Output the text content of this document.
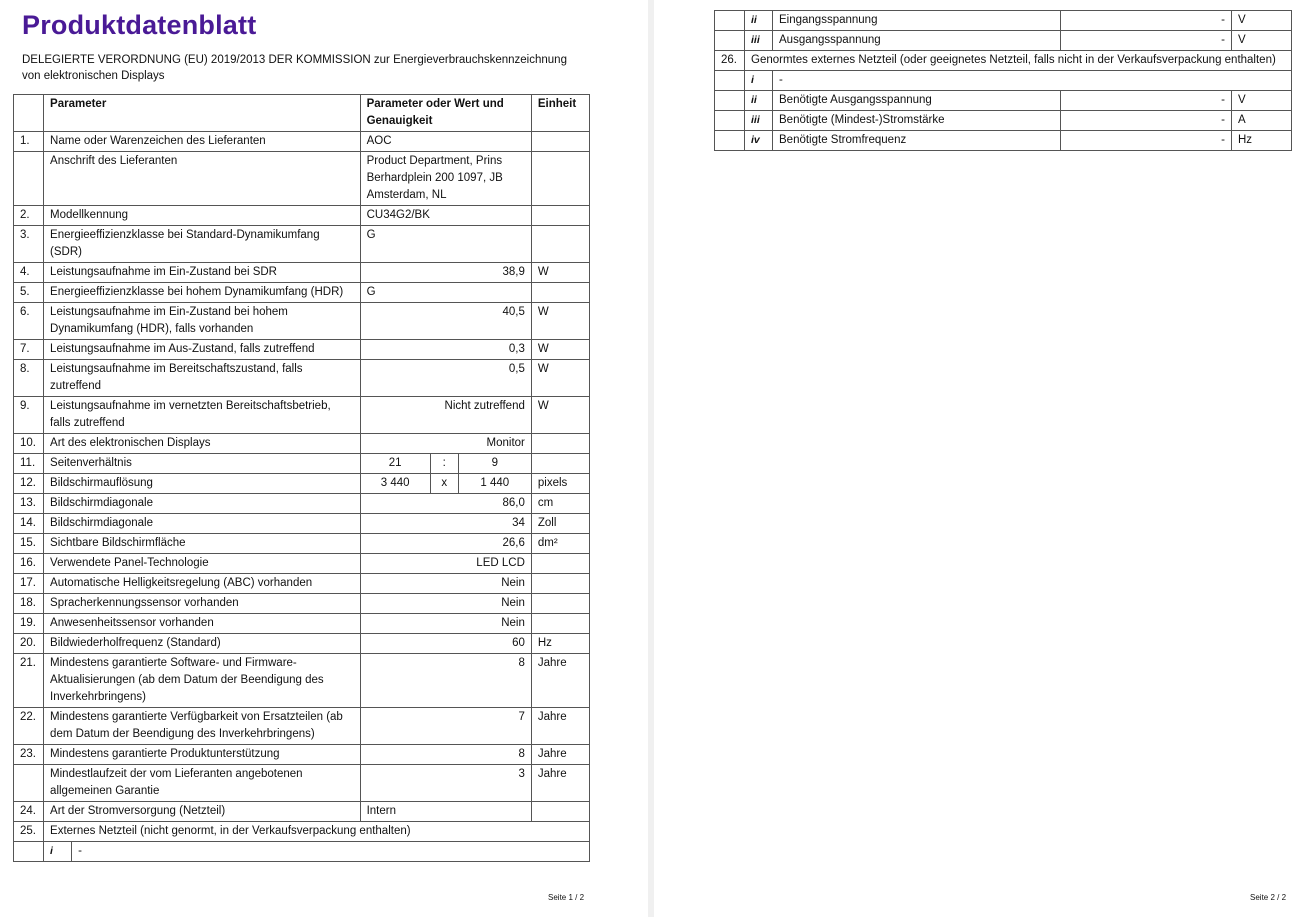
Produktdatenblatt
DELEGIERTE VERORDNUNG (EU) 2019/2013 DER KOMMISSION zur Energieverbrauchskennzeichnung von elektronischen Displays
	Parameter		Parameter oder Wert und Genauigkeit			Einheit
1.	Name oder Warenzeichen des Lieferanten		AOC			
	Anschrift des Lieferanten		Product Department, Prins Berhardplein 200 1097, JB Amsterdam, NL			
2.	Modellkennung		CU34G2/BK			
3.	Energieeffizienzklasse bei Standard-Dynamikumfang (SDR)		G			
4.	Leistungsaufnahme im Ein-Zustand bei SDR		38,9			W
5.	Energieeffizienzklasse bei hohem Dynamikumfang (HDR)		G			
6.	Leistungsaufnahme im Ein-Zustand bei hohem Dynamikumfang (HDR), falls vorhanden		40,5			W
7.	Leistungsaufnahme im Aus-Zustand, falls zutreffend		0,3			W
8.	Leistungsaufnahme im Bereitschaftszustand, falls zutreffend		0,5			W
9.	Leistungsaufnahme im vernetzten Bereitschaftsbetrieb, falls zutreffend		Nicht zutreffend			W
10.	Art des elektronischen Displays		Monitor			
11.	Seitenverhältnis		21	:	9	
12.	Bildschirmauflösung		3 440	x	1 440	pixels
13.	Bildschirmdiagonale		86,0			cm
14.	Bildschirmdiagonale		34			Zoll
15.	Sichtbare Bildschirmfläche		26,6			dm²
16.	Verwendete Panel-Technologie		LED LCD			
17.	Automatische Helligkeitsregelung (ABC) vorhanden		Nein			
18.	Spracherkennungssensor vorhanden		Nein			
19.	Anwesenheitssensor vorhanden		Nein			
20.	Bildwiederholfrequenz (Standard)		60			Hz
21.	Mindestens garantierte Software- und Firmware-Aktualisierungen (ab dem Datum der Beendigung des Inverkehrbringens)		8			Jahre
22.	Mindestens garantierte Verfügbarkeit von Ersatzteilen (ab dem Datum der Beendigung des Inverkehrbringens)		7			Jahre
23.	Mindestens garantierte Produktunterstützung		8			Jahre
	Mindestlaufzeit der vom Lieferanten angebotenen allgemeinen Garantie		3			Jahre
24.	Art der Stromversorgung (Netzteil)		Intern			
25.	Externes Netzteil (nicht genormt, in der Verkaufsverpackung enthalten)					
	i	-				
Seite 1 / 2
	ii	Eingangsspannung	-	V
	iii	Ausgangsspannung	-	V
26.	Genormtes externes Netzteil (oder geeignetes Netzteil, falls nicht in der Verkaufsverpackung enthalten)			
	i	-		
	ii	Benötigte Ausgangsspannung	-	V
	iii	Benötigte (Mindest-)Stromstärke	-	A
	iv	Benötigte Stromfrequenz	-	Hz
Seite 2 / 2
